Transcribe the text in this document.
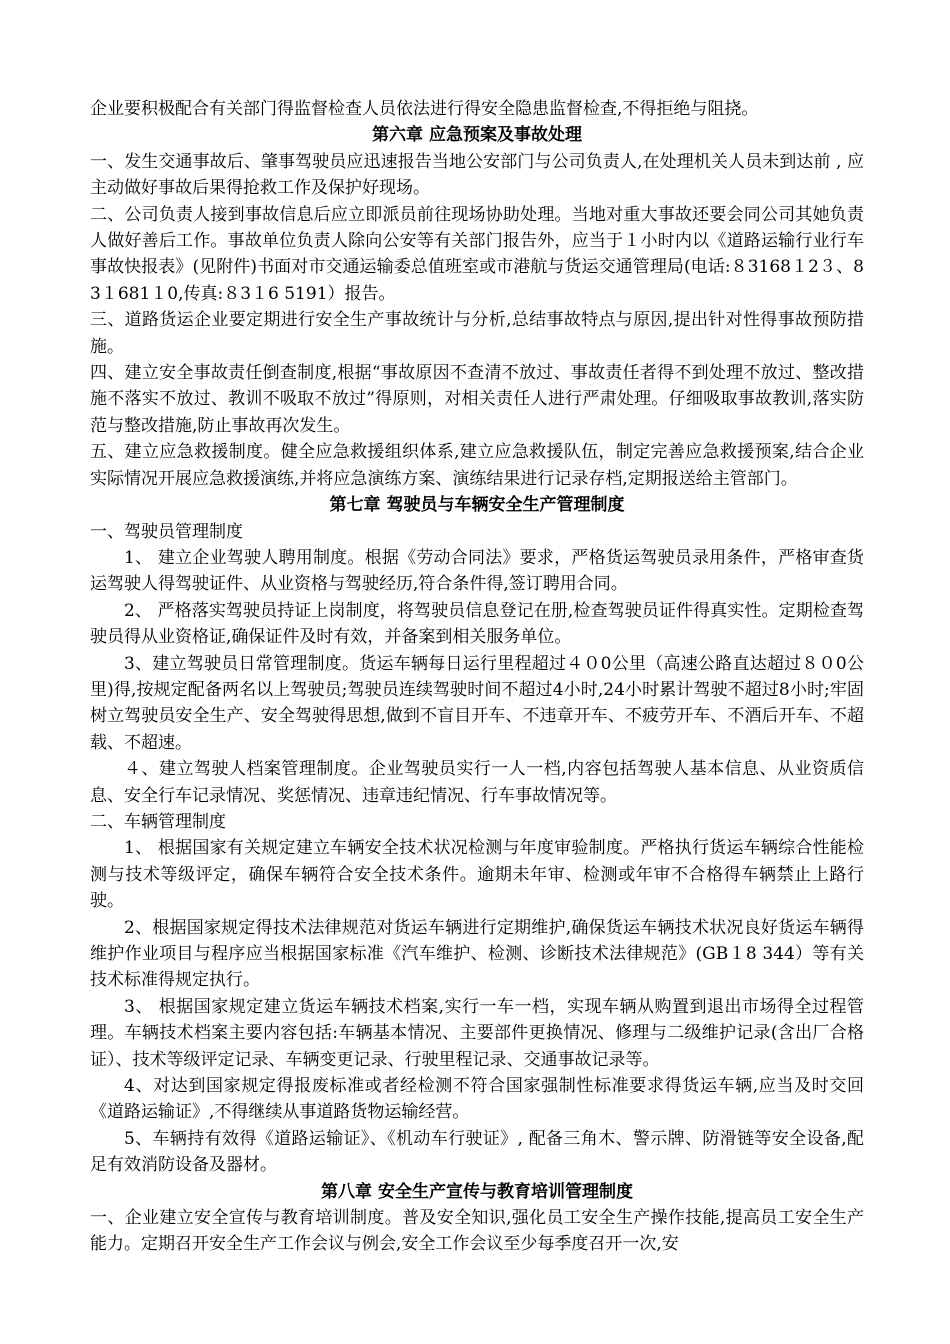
企业要积极配合有关部门得监督检查人员依法进行得安全隐患监督检查,不得拒绝与阻挠。

第六章 应急预案及事故处理

一、发生交通事故后、肇事驾驶员应迅速报告当地公安部门与公司负责人,在处理机关人员未到达前 , 应主动做好事故后果得抢救工作及保护好现场。

二、公司负责人接到事故信息后应立即派员前往现场协助处理。当地对重大事故还要会同公司其她负责人做好善后工作。事故单位负责人除向公安等有关部门报告外，应当于１小时内以《道路运输行业行车事故快报表》(见附件)书面对市交通运输委总值班室或市港航与货运交通管理局(电话:８3168１2３、83１681１0,传真:８3１6 5191）报告。

三、道路货运企业要定期进行安全生产事故统计与分析,总结事故特点与原因,提出针对性得事故预防措施。

四、建立安全事故责任倒查制度,根据“事故原因不查清不放过、事故责任者得不到处理不放过、整改措施不落实不放过、教训不吸取不放过”得原则，对相关责任人进行严肃处理。仔细吸取事故教训,落实防范与整改措施,防止事故再次发生。

五、建立应急救援制度。健全应急救援组织体系,建立应急救援队伍，制定完善应急救援预案,结合企业实际情况开展应急救援演练,并将应急演练方案、演练结果进行记录存档,定期报送给主管部门。

第七章 驾驶员与车辆安全生产管理制度

一、驾驶员管理制度

1、 建立企业驾驶人聘用制度。根据《劳动合同法》要求，严格货运驾驶员录用条件，严格审查货运驾驶人得驾驶证件、从业资格与驾驶经历,符合条件得,签订聘用合同。

2、 严格落实驾驶员持证上岗制度，将驾驶员信息登记在册,检查驾驶员证件得真实性。定期检查驾驶员得从业资格证,确保证件及时有效，并备案到相关服务单位。

3、建立驾驶员日常管理制度。货运车辆每日运行里程超过４０0公里（高速公路直达超过８０0公里)得,按规定配备两名以上驾驶员;驾驶员连续驾驶时间不超过4小时,24小时累计驾驶不超过8小时;牢固树立驾驶员安全生产、安全驾驶得思想,做到不盲目开车、不违章开车、不疲劳开车、不酒后开车、不超载、不超速。

４、建立驾驶人档案管理制度。企业驾驶员实行一人一档,内容包括驾驶人基本信息、从业资质信息、安全行车记录情况、奖惩情况、违章违纪情况、行车事故情况等。

二、车辆管理制度

1、 根据国家有关规定建立车辆安全技术状况检测与年度审验制度。严格执行货运车辆综合性能检测与技术等级评定，确保车辆符合安全技术条件。逾期未年审、检测或年审不合格得车辆禁止上路行驶。

2、根据国家规定得技术法律规范对货运车辆进行定期维护,确保货运车辆技术状况良好货运车辆得维护作业项目与程序应当根据国家标准《汽车维护、检测、诊断技术法律规范》(GB１8 344）等有关技术标准得规定执行。

3、 根据国家规定建立货运车辆技术档案,实行一车一档，实现车辆从购置到退出市场得全过程管理。车辆技术档案主要内容包括:车辆基本情况、主要部件更换情况、修理与二级维护记录(含出厂合格证）、技术等级评定记录、车辆变更记录、行驶里程记录、交通事故记录等。

4、对达到国家规定得报废标准或者经检测不符合国家强制性标准要求得货运车辆,应当及时交回《道路运输证》,不得继续从事道路货物运输经营。

5、车辆持有效得《道路运输证》、《机动车行驶证》, 配备三角木、警示牌、防滑链等安全设备,配足有效消防设备及器材。

第八章 安全生产宣传与教育培训管理制度

一、企业建立安全宣传与教育培训制度。普及安全知识,强化员工安全生产操作技能,提高员工安全生产能力。定期召开安全生产工作会议与例会,安全工作会议至少每季度召开一次,安
